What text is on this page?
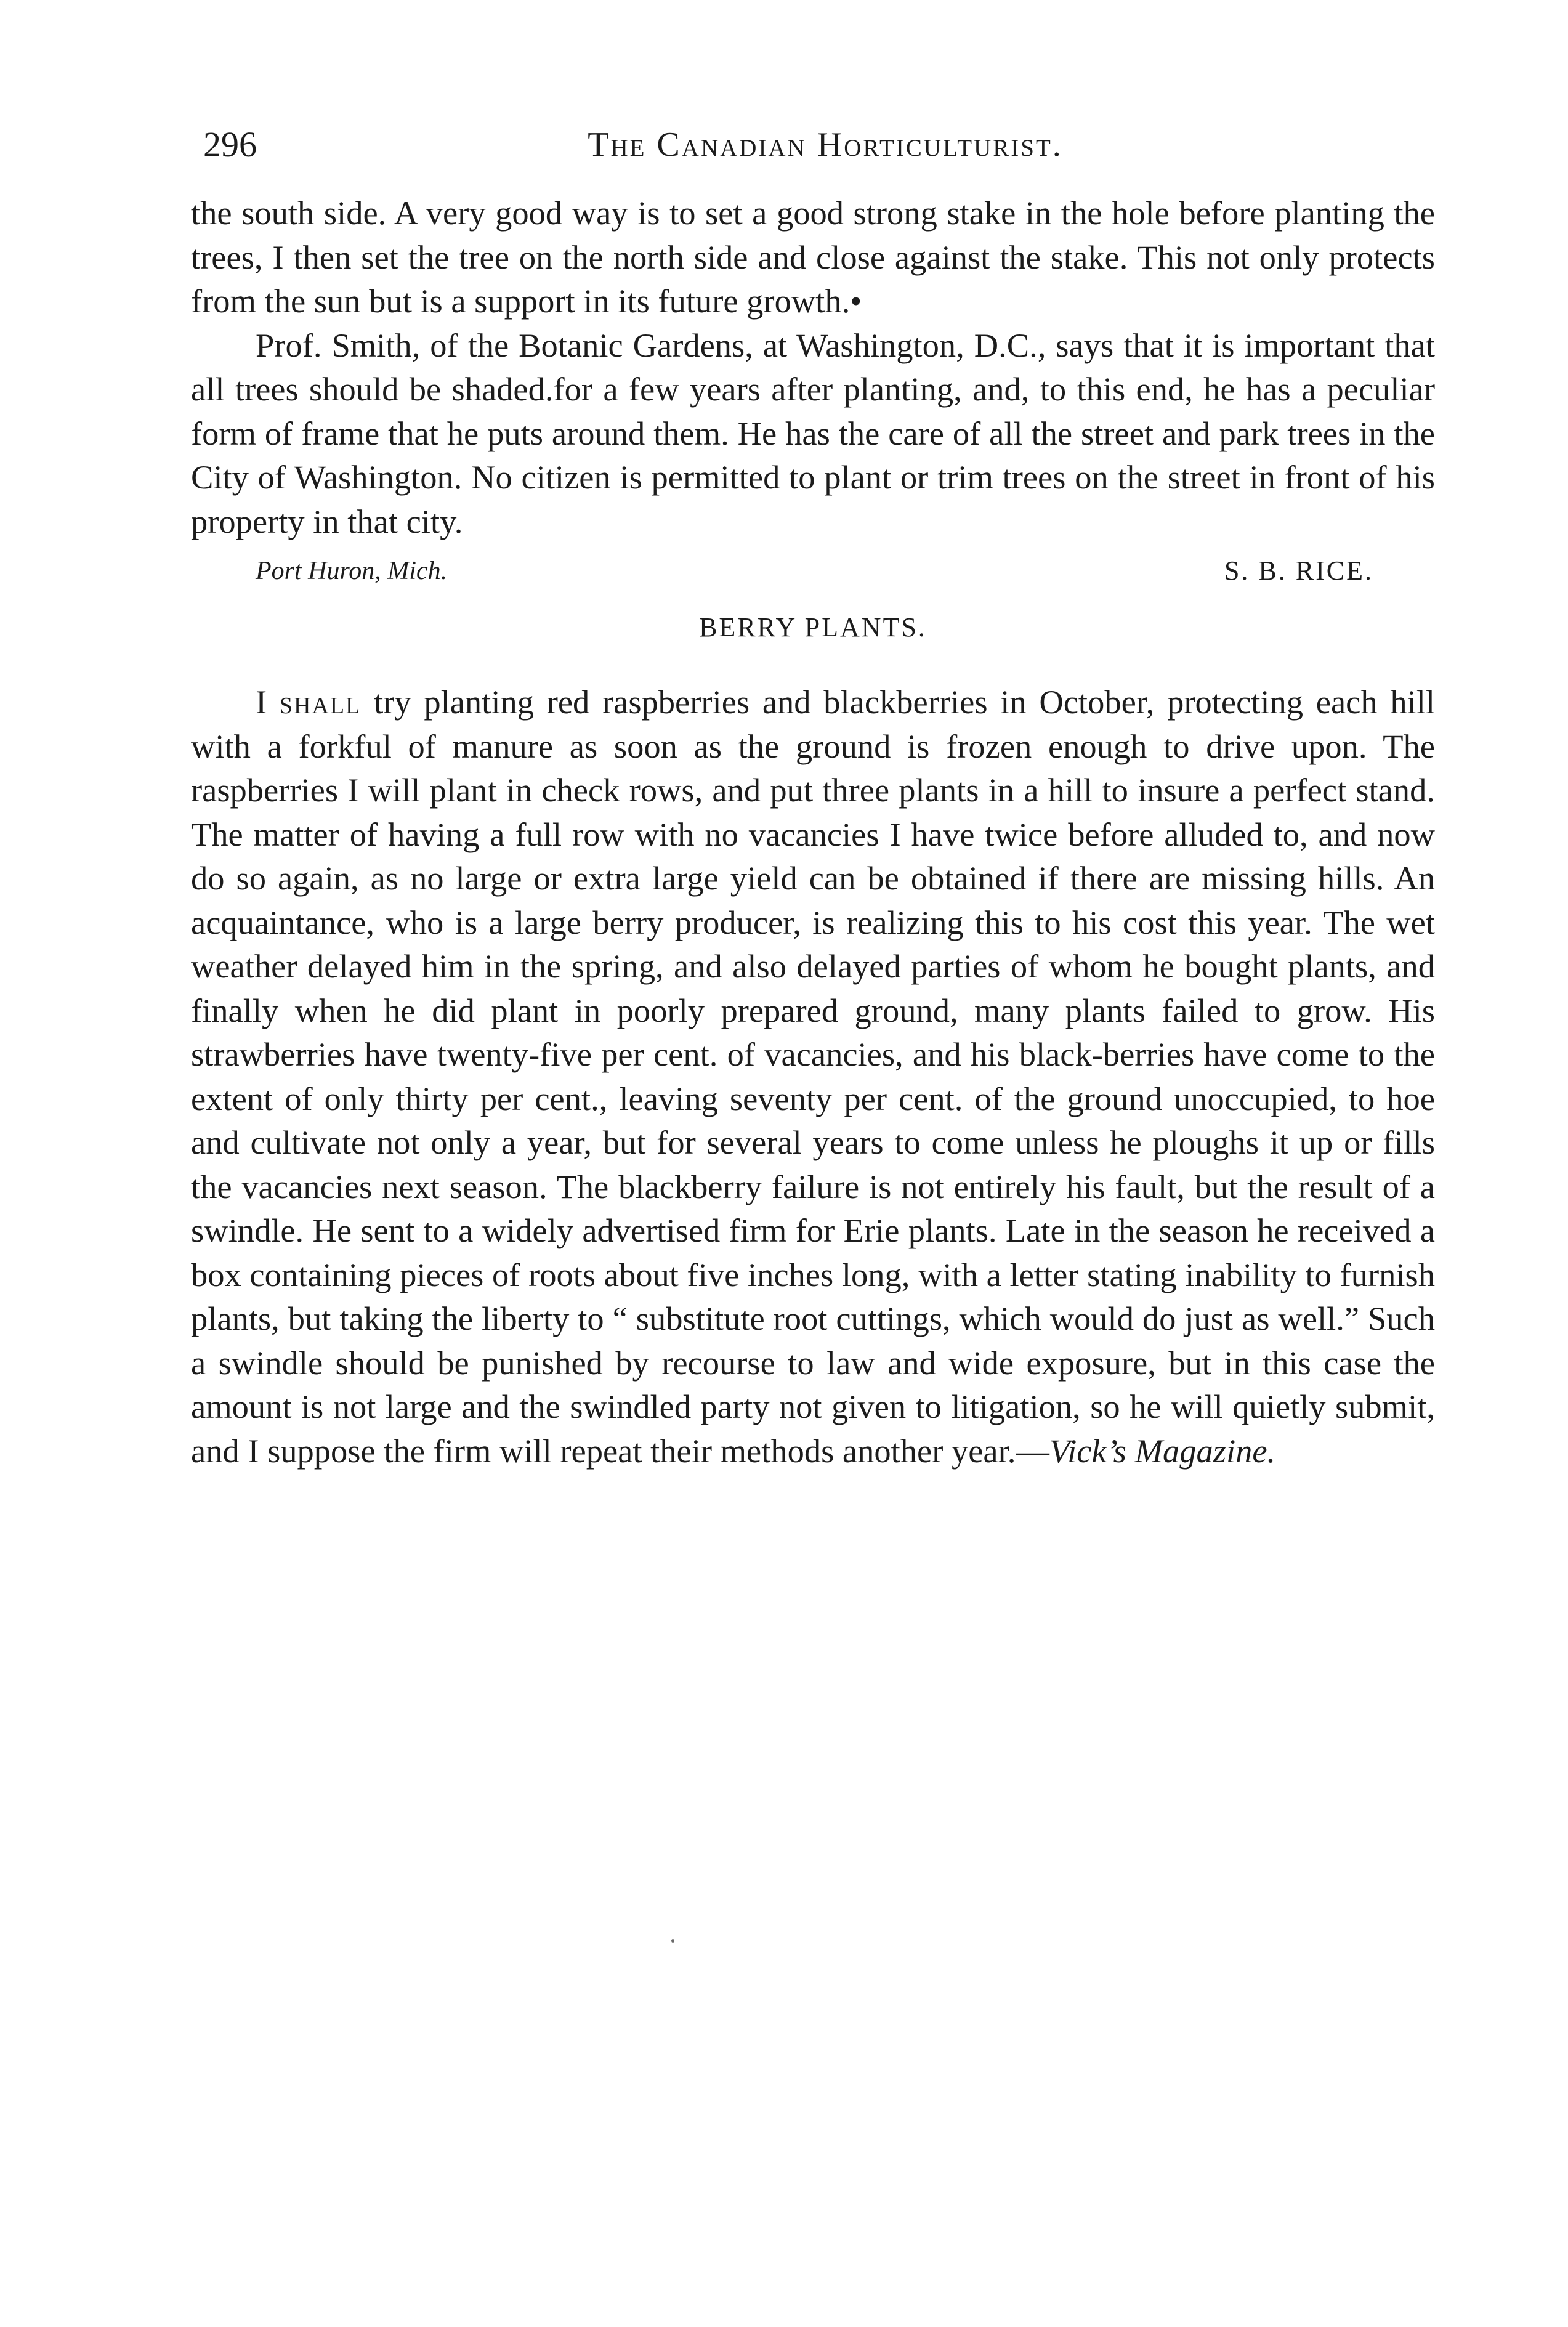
296	The Canadian Horticulturist.

the south side. A very good way is to set a good strong stake in the hole before planting the trees, I then set the tree on the north side and close against the stake. This not only protects from the sun but is a support in its future growth.•

Prof. Smith, of the Botanic Gardens, at Washington, D.C., says that it is important that all trees should be shaded.for a few years after planting, and, to this end, he has a peculiar form of frame that he puts around them. He has the care of all the street and park trees in the City of Washington. No citizen is permitted to plant or trim trees on the street in front of his property in that city.

Port Huron, Mich.	S. B. RICE.
BERRY PLANTS.

I shall try planting red raspberries and blackberries in October, protecting each hill with a forkful of manure as soon as the ground is frozen enough to drive upon. The raspberries I will plant in check rows, and put three plants in a hill to insure a perfect stand. The matter of having a full row with no vacancies I have twice before alluded to, and now do so again, as no large or extra large yield can be obtained if there are missing hills. An acquaintance, who is a large berry producer, is realizing this to his cost this year. The wet weather delayed him in the spring, and also delayed parties of whom he bought plants, and finally when he did plant in poorly prepared ground, many plants failed to grow. His strawberries have twenty-five per cent. of vacancies, and his black-berries have come to the extent of only thirty per cent., leaving seventy per cent. of the ground unoccupied, to hoe and cultivate not only a year, but for several years to come unless he ploughs it up or fills the vacancies next season. The blackberry failure is not entirely his fault, but the result of a swindle. He sent to a widely advertised firm for Erie plants. Late in the season he received a box containing pieces of roots about five inches long, with a letter stating inability to furnish plants, but taking the liberty to “ substitute root cuttings, which would do just as well.” Such a swindle should be punished by recourse to law and wide exposure, but in this case the amount is not large and the swindled party not given to litigation, so he will quietly submit, and I suppose the firm will repeat their methods another year.—Vick’s Magazine.
